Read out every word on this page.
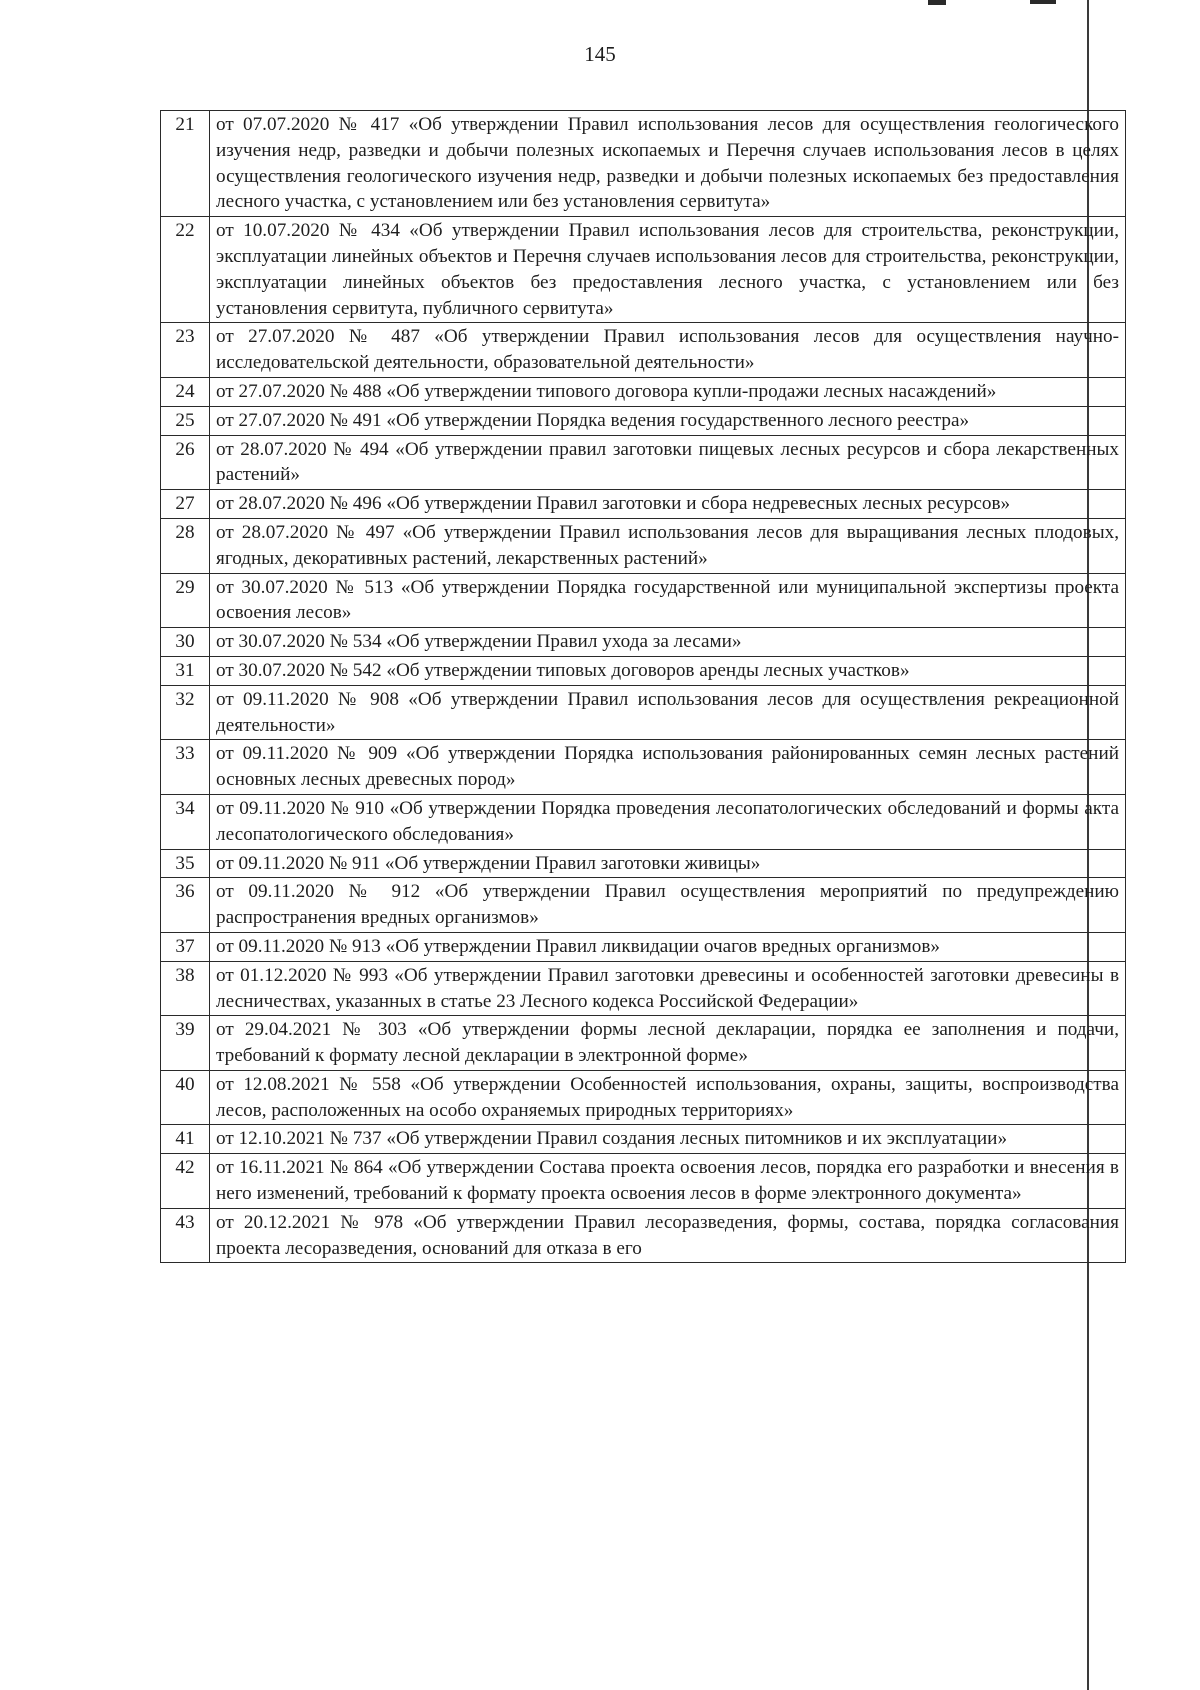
145
21	от 07.07.2020 № 417 «Об утверждении Правил использования лесов для осуществления геологического изучения недр, разведки и добычи полезных ископаемых и Перечня случаев использования лесов в целях осуществления геологического изучения недр, разведки и добычи полезных ископаемых без предоставления лесного участка, с установлением или без установления сервитута»
22	от 10.07.2020 № 434 «Об утверждении Правил использования лесов для строительства, реконструкции, эксплуатации линейных объектов и Перечня случаев использования лесов для строительства, реконструкции, эксплуатации линейных объектов без предоставления лесного участка, с установлением или без установления сервитута, публичного сервитута»
23	от 27.07.2020 № 487 «Об утверждении Правил использования лесов для осуществления научно-исследовательской деятельности, образовательной деятельности»
24	от 27.07.2020 № 488 «Об утверждении типового договора купли-продажи лесных насаждений»
25	от 27.07.2020 № 491 «Об утверждении Порядка ведения государственного лесного реестра»
26	от 28.07.2020 № 494 «Об утверждении правил заготовки пищевых лесных ресурсов и сбора лекарственных растений»
27	от 28.07.2020 № 496 «Об утверждении Правил заготовки и сбора недревесных лесных ресурсов»
28	от 28.07.2020 № 497 «Об утверждении Правил использования лесов для выращивания лесных плодовых, ягодных, декоративных растений, лекарственных растений»
29	от 30.07.2020 № 513 «Об утверждении Порядка государственной или муниципальной экспертизы проекта освоения лесов»
30	от 30.07.2020 № 534 «Об утверждении Правил ухода за лесами»
31	от 30.07.2020 № 542 «Об утверждении типовых договоров аренды лесных участков»
32	от 09.11.2020 № 908 «Об утверждении Правил использования лесов для осуществления рекреационной деятельности»
33	от 09.11.2020 № 909 «Об утверждении Порядка использования районированных семян лесных растений основных лесных древесных пород»
34	от 09.11.2020 № 910 «Об утверждении Порядка проведения лесопатологических обследований и формы акта лесопатологического обследования»
35	от 09.11.2020 № 911 «Об утверждении Правил заготовки живицы»
36	от 09.11.2020 № 912 «Об утверждении Правил осуществления мероприятий по предупреждению распространения вредных организмов»
37	от 09.11.2020 № 913 «Об утверждении Правил ликвидации очагов вредных организмов»
38	от 01.12.2020 № 993 «Об утверждении Правил заготовки древесины и особенностей заготовки древесины в лесничествах, указанных в статье 23 Лесного кодекса Российской Федерации»
39	от 29.04.2021 № 303 «Об утверждении формы лесной декларации, порядка ее заполнения и подачи, требований к формату лесной декларации в электронной форме»
40	от 12.08.2021 № 558 «Об утверждении Особенностей использования, охраны, защиты, воспроизводства лесов, расположенных на особо охраняемых природных территориях»
41	от 12.10.2021 № 737 «Об утверждении Правил создания лесных питомников и их эксплуатации»
42	от 16.11.2021 № 864 «Об утверждении Состава проекта освоения лесов, порядка его разработки и внесения в него изменений, требований к формату проекта освоения лесов в форме электронного документа»
43	от 20.12.2021 № 978 «Об утверждении Правил лесоразведения, формы, состава, порядка согласования проекта лесоразведения, оснований для отказа в его
